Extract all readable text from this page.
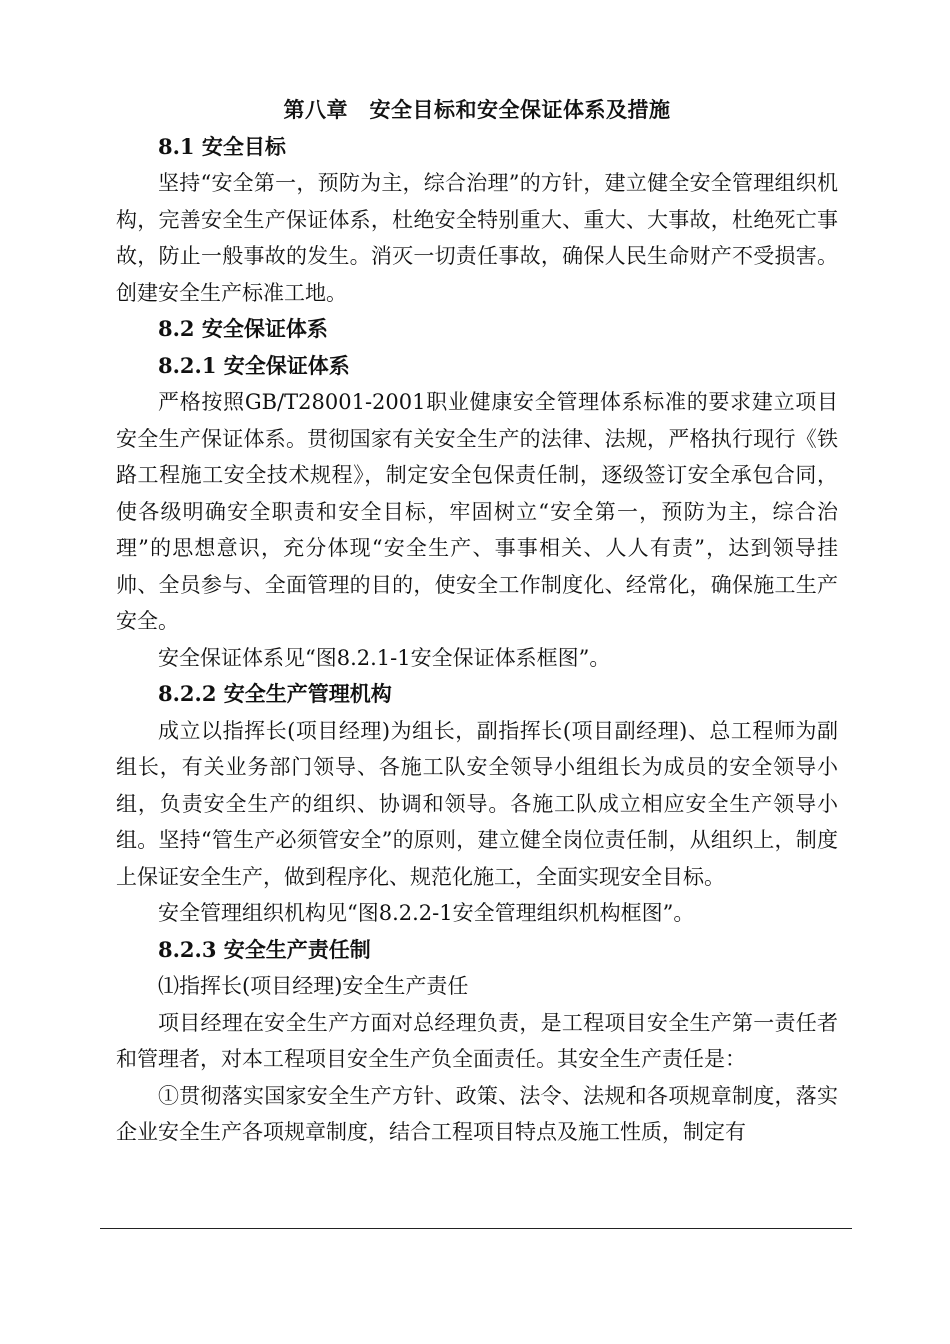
第八章　安全目标和安全保证体系及措施

8.1 安全目标

坚持“安全第一，预防为主，综合治理”的方针，建立健全安全管理组织机构，完善安全生产保证体系，杜绝安全特别重大、重大、大事故，杜绝死亡事故，防止一般事故的发生。消灭一切责任事故，确保人民生命财产不受损害。创建安全生产标准工地。

8.2 安全保证体系

8.2.1 安全保证体系

严格按照GB/T28001-2001职业健康安全管理体系标准的要求建立项目安全生产保证体系。贯彻国家有关安全生产的法律、法规，严格执行现行《铁路工程施工安全技术规程》，制定安全包保责任制，逐级签订安全承包合同，使各级明确安全职责和安全目标，牢固树立“安全第一，预防为主，综合治理”的思想意识，充分体现“安全生产、事事相关、人人有责”，达到领导挂帅、全员参与、全面管理的目的，使安全工作制度化、经常化，确保施工生产安全。

安全保证体系见“图8.2.1-1安全保证体系框图”。

8.2.2 安全生产管理机构

成立以指挥长(项目经理)为组长，副指挥长(项目副经理)、总工程师为副组长，有关业务部门领导、各施工队安全领导小组组长为成员的安全领导小组，负责安全生产的组织、协调和领导。各施工队成立相应安全生产领导小组。坚持“管生产必须管安全”的原则，建立健全岗位责任制，从组织上，制度上保证安全生产，做到程序化、规范化施工，全面实现安全目标。

安全管理组织机构见“图8.2.2-1安全管理组织机构框图”。

8.2.3 安全生产责任制

⑴指挥长(项目经理)安全生产责任

项目经理在安全生产方面对总经理负责，是工程项目安全生产第一责任者和管理者，对本工程项目安全生产负全面责任。其安全生产责任是：

①贯彻落实国家安全生产方针、政策、法令、法规和各项规章制度，落实企业安全生产各项规章制度，结合工程项目特点及施工性质，制定有
